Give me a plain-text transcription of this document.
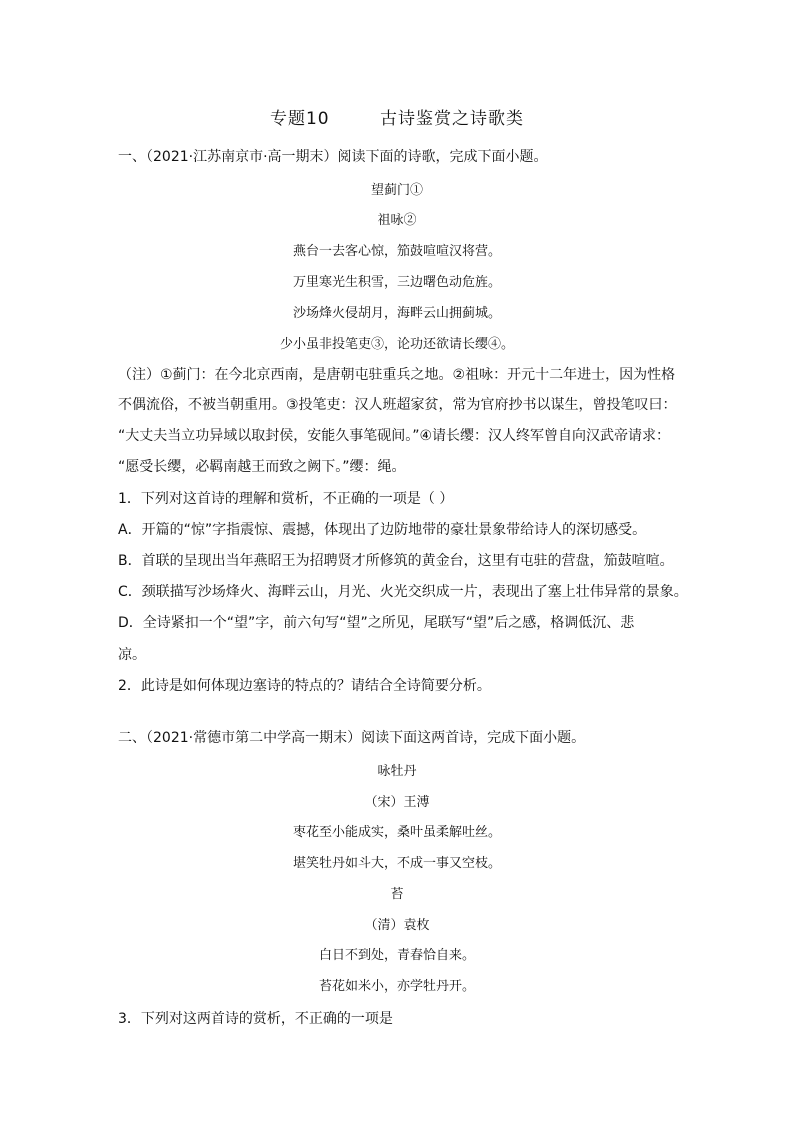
专题10      古诗鉴赏之诗歌类
一、（2021·江苏南京市·高一期末）阅读下面的诗歌，完成下面小题。
望蓟门①
祖咏②
燕台一去客心惊，笳鼓喧喧汉将营。
万里寒光生积雪，三边曙色动危旌。
沙场烽火侵胡月，海畔云山拥蓟城。
少小虽非投笔吏③，论功还欲请长缨④。
（注）①蓟门：在今北京西南，是唐朝屯驻重兵之地。②祖咏：开元十二年进士，因为性格
不偶流俗，不被当朝重用。③投笔吏：汉人班超家贫，常为官府抄书以谋生，曾投笔叹曰：
“大丈夫当立功异域以取封侯，安能久事笔砚间。”④请长缨：汉人终军曾自向汉武帝请求：
“愿受长缨，必羁南越王而致之阙下。”缨：绳。
1．下列对这首诗的理解和赏析，不正确的一项是（ ）
A．开篇的“惊”字指震惊、震撼，体现出了边防地带的豪壮景象带给诗人的深切感受。
B．首联的呈现出当年燕昭王为招聘贤才所修筑的黄金台，这里有屯驻的营盘，笳鼓喧喧。
C．颈联描写沙场烽火、海畔云山，月光、火光交织成一片，表现出了塞上壮伟异常的景象。
D．全诗紧扣一个“望”字，前六句写“望”之所见，尾联写“望”后之感，格调低沉、悲
凉。
2．此诗是如何体现边塞诗的特点的？请结合全诗简要分析。
二、（2021·常德市第二中学高一期末）阅读下面这两首诗，完成下面小题。
咏牡丹
（宋）王溥
枣花至小能成实，桑叶虽柔解吐丝。
堪笑牡丹如斗大，不成一事又空枝。
苔
（清）袁枚
白日不到处，青春恰自来。
苔花如米小，亦学牡丹开。
3．下列对这两首诗的赏析，不正确的一项是
